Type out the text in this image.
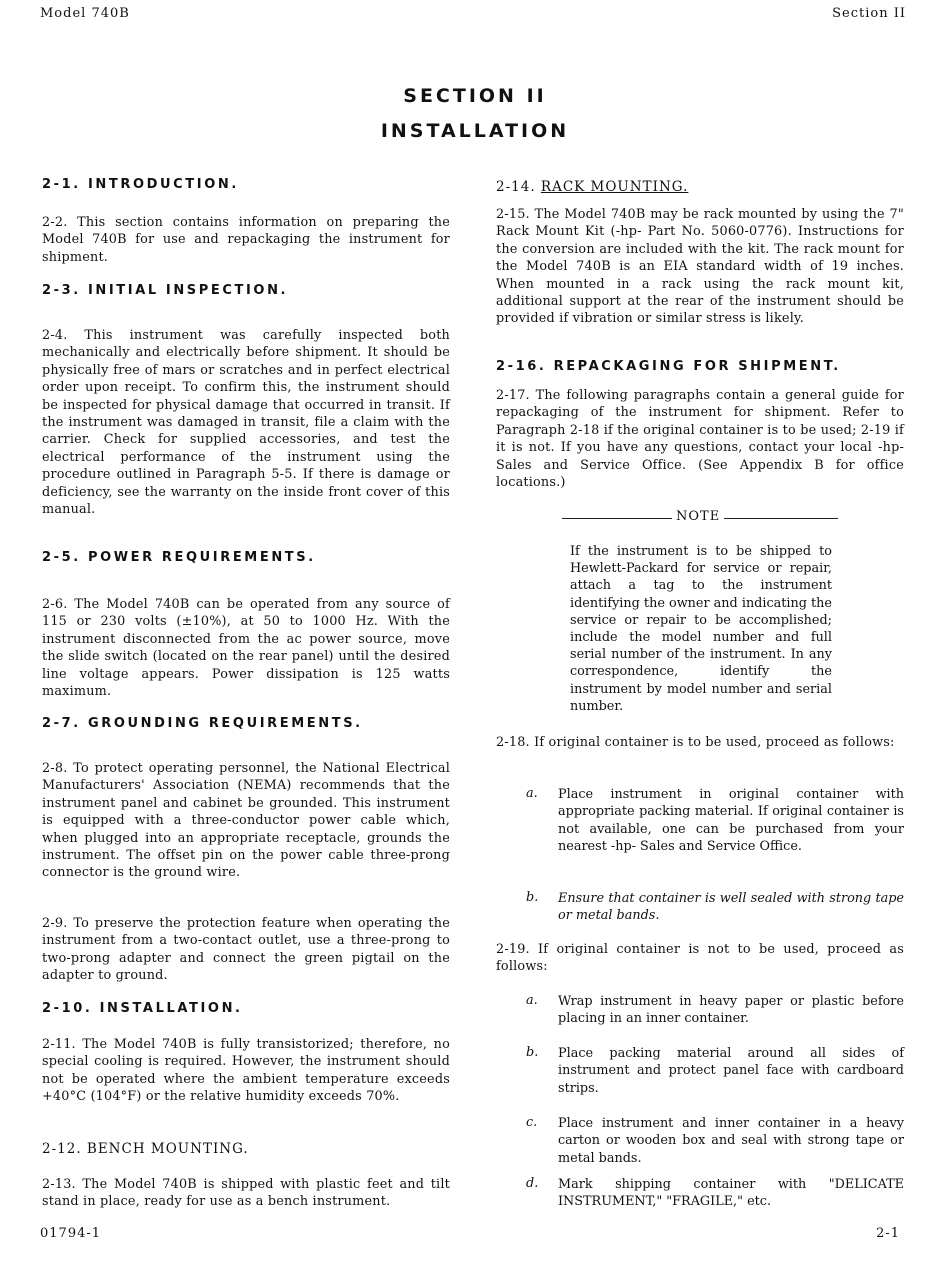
Model 740B	Section II
SECTION II
INSTALLATION
2-1. INTRODUCTION.
2-2. This section contains information on preparing the Model 740B for use and repackaging the instrument for shipment.
2-3. INITIAL INSPECTION.
2-4. This instrument was carefully inspected both mechanically and electrically before shipment. It should be physically free of mars or scratches and in perfect electrical order upon receipt. To confirm this, the instrument should be inspected for physical damage that occurred in transit. If the instrument was damaged in transit, file a claim with the carrier. Check for supplied accessories, and test the electrical performance of the instrument using the procedure outlined in Paragraph 5-5. If there is damage or deficiency, see the warranty on the inside front cover of this manual.
2-5. POWER REQUIREMENTS.
2-6. The Model 740B can be operated from any source of 115 or 230 volts (±10%), at 50 to 1000 Hz. With the instrument disconnected from the ac power source, move the slide switch (located on the rear panel) until the desired line voltage appears. Power dissipation is 125 watts maximum.
2-7. GROUNDING REQUIREMENTS.
2-8. To protect operating personnel, the National Electrical Manufacturers' Association (NEMA) recommends that the instrument panel and cabinet be grounded. This instrument is equipped with a three-conductor power cable which, when plugged into an appropriate receptacle, grounds the instrument. The offset pin on the power cable three-prong connector is the ground wire.
2-9. To preserve the protection feature when operating the instrument from a two-contact outlet, use a three-prong to two-prong adapter and connect the green pigtail on the adapter to ground.
2-10. INSTALLATION.
2-11. The Model 740B is fully transistorized; therefore, no special cooling is required. However, the instrument should not be operated where the ambient temperature exceeds +40°C (104°F) or the relative humidity exceeds 70%.
2-12. BENCH MOUNTING.
2-13. The Model 740B is shipped with plastic feet and tilt stand in place, ready for use as a bench instrument.
2-14. RACK MOUNTING.
2-15. The Model 740B may be rack mounted by using the 7" Rack Mount Kit (-hp- Part No. 5060-0776). Instructions for the conversion are included with the kit. The rack mount for the Model 740B is an EIA standard width of 19 inches. When mounted in a rack using the rack mount kit, additional support at the rear of the instrument should be provided if vibration or similar stress is likely.
2-16. REPACKAGING FOR SHIPMENT.
2-17. The following paragraphs contain a general guide for repackaging of the instrument for shipment. Refer to Paragraph 2-18 if the original container is to be used; 2-19 if it is not. If you have any questions, contact your local -hp- Sales and Service Office. (See Appendix B for office locations.)
NOTE
If the instrument is to be shipped to Hewlett-Packard for service or repair, attach a tag to the instrument identifying the owner and indicating the service or repair to be accomplished; include the model number and full serial number of the instrument. In any correspondence, identify the instrument by model number and serial number.
2-18. If original container is to be used, proceed as follows:
a. Place instrument in original container with appropriate packing material. If original container is not available, one can be purchased from your nearest -hp- Sales and Service Office.
b. Ensure that container is well sealed with strong tape or metal bands.
2-19. If original container is not to be used, proceed as follows:
a. Wrap instrument in heavy paper or plastic before placing in an inner container.
b. Place packing material around all sides of instrument and protect panel face with cardboard strips.
c. Place instrument and inner container in a heavy carton or wooden box and seal with strong tape or metal bands.
d. Mark shipping container with "DELICATE INSTRUMENT," "FRAGILE," etc.
01794-1	2-1
